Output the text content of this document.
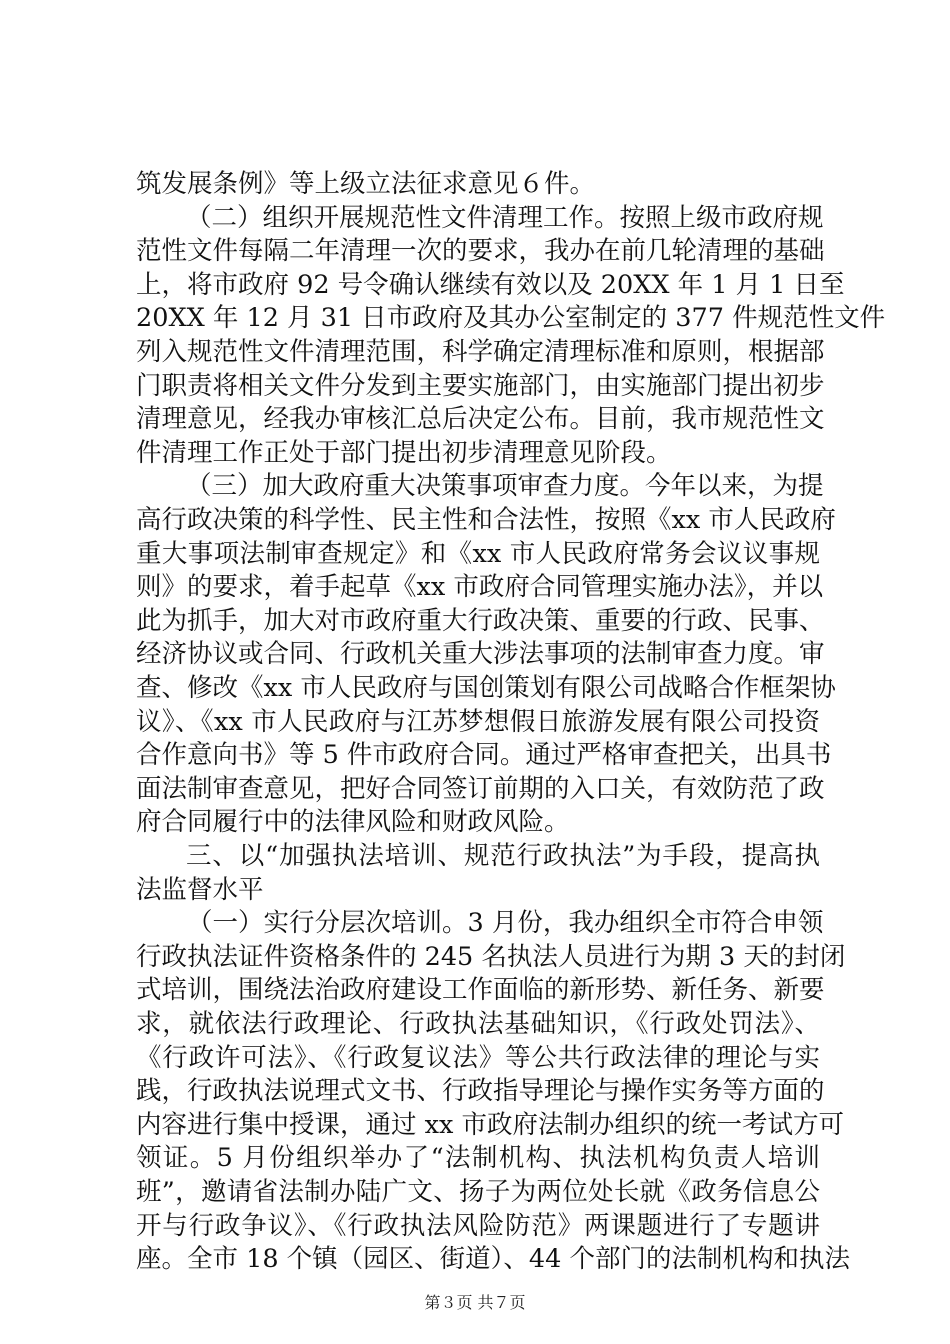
筑发展条例》等上级立法征求意见６件。
（二）组织开展规范性文件清理工作。按照上级市政府规
范性文件每隔二年清理一次的要求，我办在前几轮清理的基础
上，将市政府 92 号令确认继续有效以及 20XX 年 1 月 1 日至
20XX 年 12 月 31 日市政府及其办公室制定的 377 件规范性文件
列入规范性文件清理范围，科学确定清理标准和原则，根据部
门职责将相关文件分发到主要实施部门，由实施部门提出初步
清理意见，经我办审核汇总后决定公布。目前，我市规范性文
件清理工作正处于部门提出初步清理意见阶段。
（三）加大政府重大决策事项审查力度。今年以来，为提
高行政决策的科学性、民主性和合法性，按照《xx 市人民政府
重大事项法制审查规定》和《xx 市人民政府常务会议议事规
则》的要求，着手起草《xx 市政府合同管理实施办法》，并以
此为抓手，加大对市政府重大行政决策、重要的行政、民事、
经济协议或合同、行政机关重大涉法事项的法制审查力度。审
查、修改《xx 市人民政府与国创策划有限公司战略合作框架协
议》、《xx 市人民政府与江苏梦想假日旅游发展有限公司投资
合作意向书》等 5 件市政府合同。通过严格审查把关，出具书
面法制审查意见，把好合同签订前期的入口关，有效防范了政
府合同履行中的法律风险和财政风险。
三、以“加强执法培训、规范行政执法”为手段，提高执
法监督水平
（一）实行分层次培训。3 月份，我办组织全市符合申领
行政执法证件资格条件的 245 名执法人员进行为期 3 天的封闭
式培训，围绕法治政府建设工作面临的新形势、新任务、新要
求，就依法行政理论、行政执法基础知识，《行政处罚法》、
《行政许可法》、《行政复议法》等公共行政法律的理论与实
践，行政执法说理式文书、行政指导理论与操作实务等方面的
内容进行集中授课，通过 xx 市政府法制办组织的统一考试方可
领证。5 月份组织举办了“法制机构、执法机构负责人培训
班”，邀请省法制办陆广文、扬子为两位处长就《政务信息公
开与行政争议》、《行政执法风险防范》两课题进行了专题讲
座。全市 18 个镇（园区、街道）、44 个部门的法制机构和执法
第３页 共７页
